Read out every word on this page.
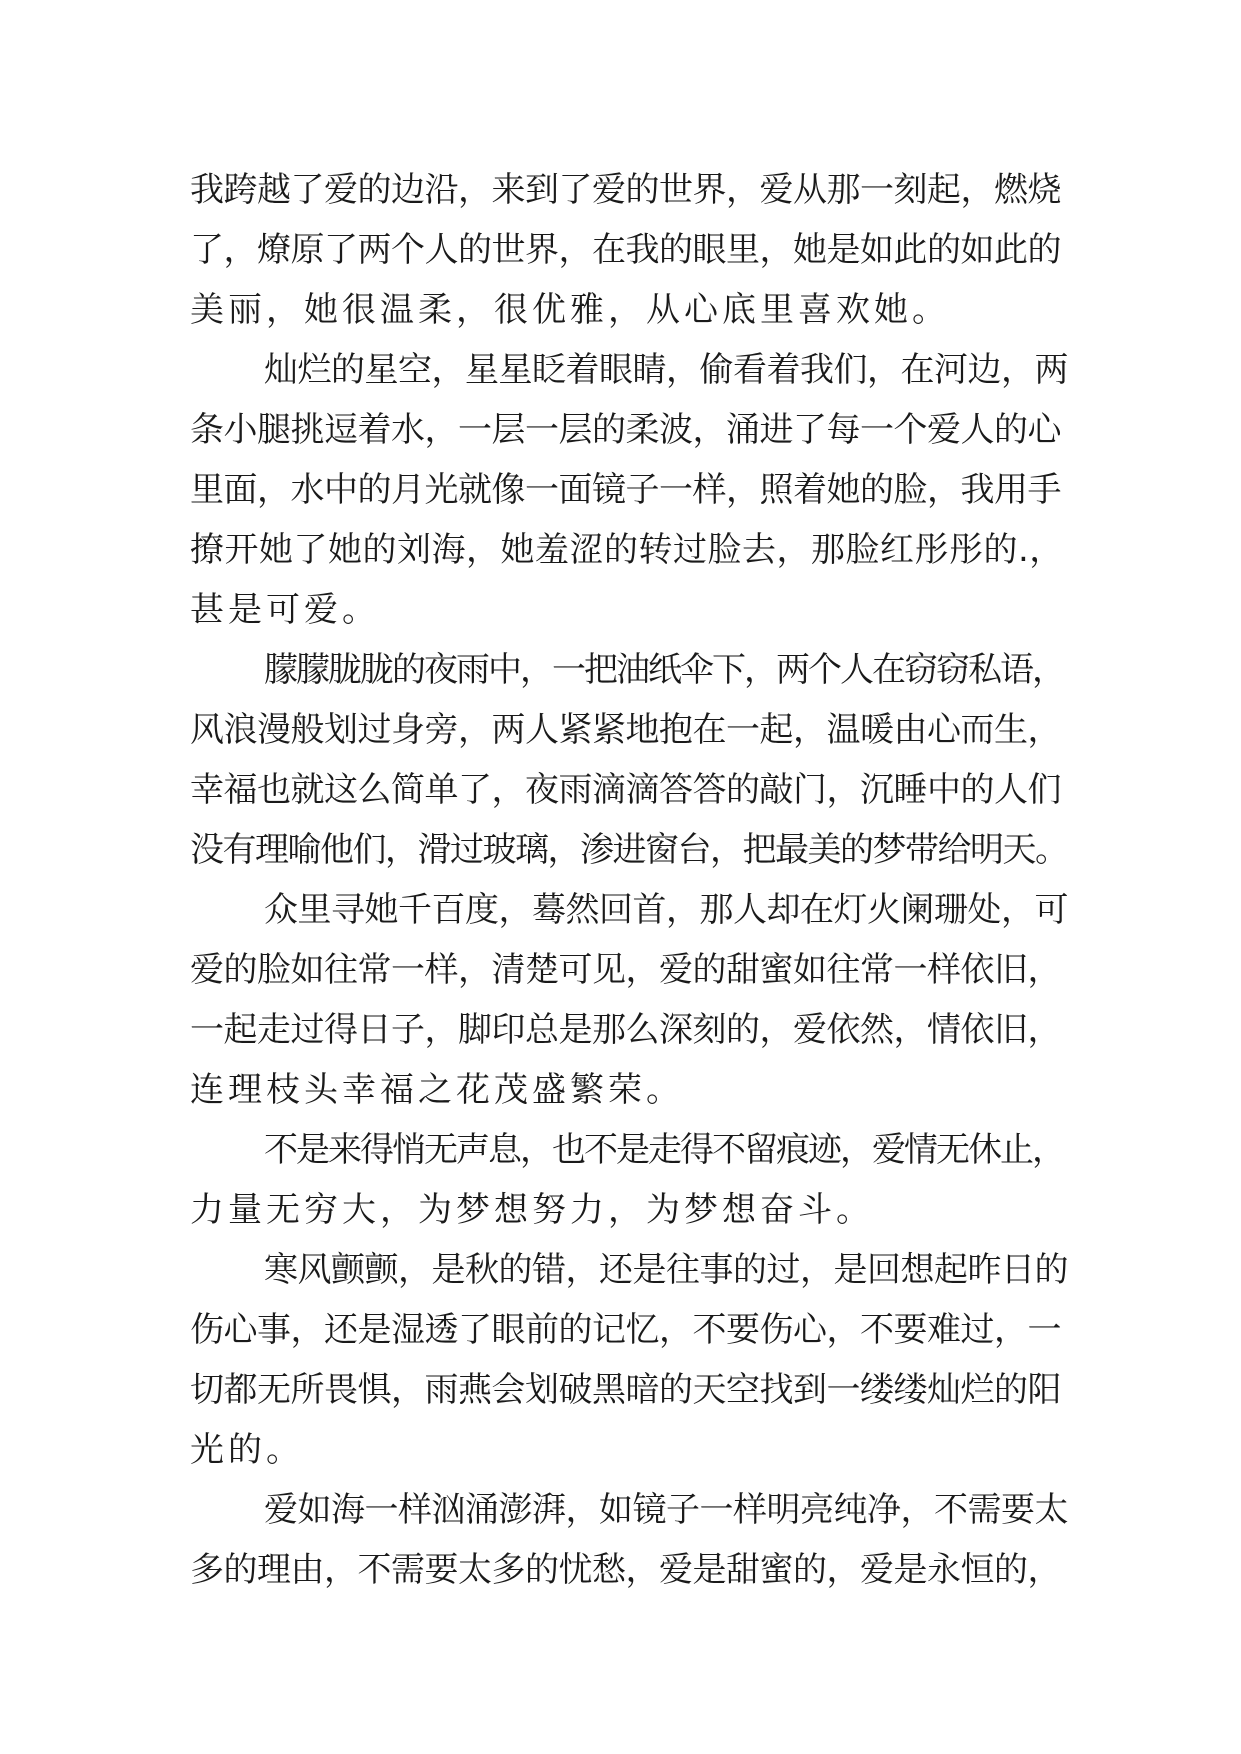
我跨越了爱的边沿，来到了爱的世界，爱从那一刻起，燃烧
了，燎原了两个人的世界，在我的眼里，她是如此的如此的
美丽，她很温柔，很优雅，从心底里喜欢她。
灿烂的星空，星星眨着眼睛，偷看着我们，在河边，两
条小腿挑逗着水，一层一层的柔波，涌进了每一个爱人的心
里面，水中的月光就像一面镜子一样，照着她的脸，我用手
撩开她了她的刘海，她羞涩的转过脸去，那脸红彤彤的.，
甚是可爱。
朦朦胧胧的夜雨中，一把油纸伞下，两个人在窃窃私语，
风浪漫般划过身旁，两人紧紧地抱在一起，温暖由心而生，
幸福也就这么简单了，夜雨滴滴答答的敲门，沉睡中的人们
没有理喻他们，滑过玻璃，渗进窗台，把最美的梦带给明天。
众里寻她千百度，蓦然回首，那人却在灯火阑珊处，可
爱的脸如往常一样，清楚可见，爱的甜蜜如往常一样依旧，
一起走过得日子，脚印总是那么深刻的，爱依然，情依旧，
连理枝头幸福之花茂盛繁荣。
不是来得悄无声息，也不是走得不留痕迹，爱情无休止，
力量无穷大，为梦想努力，为梦想奋斗。
寒风颤颤，是秋的错，还是往事的过，是回想起昨日的
伤心事，还是湿透了眼前的记忆，不要伤心，不要难过，一
切都无所畏惧，雨燕会划破黑暗的天空找到一缕缕灿烂的阳
光的。
爱如海一样汹涌澎湃，如镜子一样明亮纯净，不需要太
多的理由，不需要太多的忧愁，爱是甜蜜的，爱是永恒的，
